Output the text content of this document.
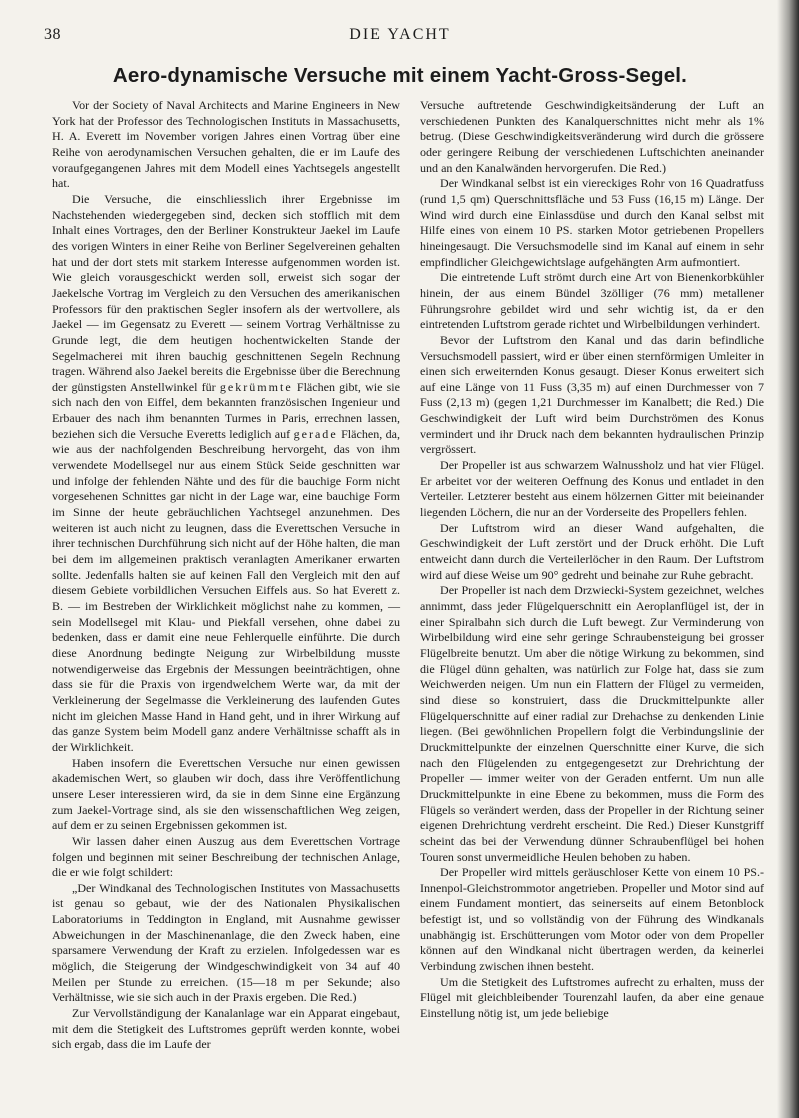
38	DIE YACHT
Aero-dynamische Versuche mit einem Yacht-Gross-Segel.

Vor der Society of Naval Architects and Marine Engineers in New York hat der Professor des Technologischen Instituts in Massachusetts, H. A. Everett im November vorigen Jahres einen Vortrag über eine Reihe von aerodynamischen Versuchen gehalten, die er im Laufe des voraufgegangenen Jahres mit dem Modell eines Yachtsegels angestellt hat.

Die Versuche, die einschliesslich ihrer Ergebnisse im Nachstehenden wiedergegeben sind, decken sich stofflich mit dem Inhalt eines Vortrages, den der Berliner Konstrukteur Jaekel im Laufe des vorigen Winters in einer Reihe von Berliner Segelvereinen gehalten hat und der dort stets mit starkem Interesse aufgenommen worden ist. Wie gleich vorausgeschickt werden soll, erweist sich sogar der Jaekelsche Vortrag im Vergleich zu den Versuchen des amerikanischen Professors für den praktischen Segler insofern als der wertvollere, als Jaekel — im Gegensatz zu Everett — seinem Vortrag Verhältnisse zu Grunde legt, die dem heutigen hochentwickelten Stande der Segelmacherei mit ihren bauchig geschnittenen Segeln Rechnung tragen. Während also Jaekel bereits die Ergebnisse über die Berechnung der günstigsten Anstellwinkel für gekrümmte Flächen gibt, wie sie sich nach den von Eiffel, dem bekannten französischen Ingenieur und Erbauer des nach ihm benannten Turmes in Paris, errechnen lassen, beziehen sich die Versuche Everetts lediglich auf gerade Flächen, da, wie aus der nachfolgenden Beschreibung hervorgeht, das von ihm verwendete Modellsegel nur aus einem Stück Seide geschnitten war und infolge der fehlenden Nähte und des für die bauchige Form nicht vorgesehenen Schnittes gar nicht in der Lage war, eine bauchige Form im Sinne der heute gebräuchlichen Yachtsegel anzunehmen. Des weiteren ist auch nicht zu leugnen, dass die Everettschen Versuche in ihrer technischen Durchführung sich nicht auf der Höhe halten, die man bei dem im allgemeinen praktisch veranlagten Amerikaner erwarten sollte. Jedenfalls halten sie auf keinen Fall den Vergleich mit den auf diesem Gebiete vorbildlichen Versuchen Eiffels aus. So hat Everett z. B. — im Bestreben der Wirklichkeit möglichst nahe zu kommen, — sein Modellsegel mit Klau- und Piekfall versehen, ohne dabei zu bedenken, dass er damit eine neue Fehlerquelle einführte. Die durch diese Anordnung bedingte Neigung zur Wirbelbildung musste notwendigerweise das Ergebnis der Messungen beeinträchtigen, ohne dass sie für die Praxis von irgendwelchem Werte war, da mit der Verkleinerung der Segelmasse die Verkleinerung des laufenden Gutes nicht im gleichen Masse Hand in Hand geht, und in ihrer Wirkung auf das ganze System beim Modell ganz andere Verhältnisse schafft als in der Wirklichkeit.

Haben insofern die Everettschen Versuche nur einen gewissen akademischen Wert, so glauben wir doch, dass ihre Veröffentlichung unsere Leser interessieren wird, da sie in dem Sinne eine Ergänzung zum Jaekel-Vortrage sind, als sie den wissenschaftlichen Weg zeigen, auf dem er zu seinen Ergebnissen gekommen ist.

Wir lassen daher einen Auszug aus dem Everettschen Vortrage folgen und beginnen mit seiner Beschreibung der technischen Anlage, die er wie folgt schildert:

„Der Windkanal des Technologischen Institutes von Massachusetts ist genau so gebaut, wie der des Nationalen Physikalischen Laboratoriums in Teddington in England, mit Ausnahme gewisser Abweichungen in der Maschinenanlage, die den Zweck haben, eine sparsamere Verwendung der Kraft zu erzielen. Infolgedessen war es möglich, die Steigerung der Windgeschwindigkeit von 34 auf 40 Meilen per Stunde zu erreichen. (15—18 m per Sekunde; also Verhältnisse, wie sie sich auch in der Praxis ergeben. Die Red.)

Zur Vervollständigung der Kanalanlage war ein Apparat eingebaut, mit dem die Stetigkeit des Luftstromes geprüft werden konnte, wobei sich ergab, dass die im Laufe der

Versuche auftretende Geschwindigkeitsänderung der Luft an verschiedenen Punkten des Kanalquerschnittes nicht mehr als 1% betrug. (Diese Geschwindigkeitsveränderung wird durch die grössere oder geringere Reibung der verschiedenen Luftschichten aneinander und an den Kanalwänden hervorgerufen. Die Red.)

Der Windkanal selbst ist ein viereckiges Rohr von 16 Quadratfuss (rund 1,5 qm) Querschnittsfläche und 53 Fuss (16,15 m) Länge. Der Wind wird durch eine Einlassdüse und durch den Kanal selbst mit Hilfe eines von einem 10 PS. starken Motor getriebenen Propellers hineingesaugt. Die Versuchsmodelle sind im Kanal auf einem in sehr empfindlicher Gleichgewichtslage aufgehängten Arm aufmontiert.

Die eintretende Luft strömt durch eine Art von Bienenkorbkühler hinein, der aus einem Bündel 3zölliger (76 mm) metallener Führungsrohre gebildet wird und sehr wichtig ist, da er den eintretenden Luftstrom gerade richtet und Wirbelbildungen verhindert.

Bevor der Luftstrom den Kanal und das darin befindliche Versuchsmodell passiert, wird er über einen sternförmigen Umleiter in einen sich erweiternden Konus gesaugt. Dieser Konus erweitert sich auf eine Länge von 11 Fuss (3,35 m) auf einen Durchmesser von 7 Fuss (2,13 m) (gegen 1,21 Durchmesser im Kanalbett; die Red.) Die Geschwindigkeit der Luft wird beim Durchströmen des Konus vermindert und ihr Druck nach dem bekannten hydraulischen Prinzip vergrössert.

Der Propeller ist aus schwarzem Walnussholz und hat vier Flügel. Er arbeitet vor der weiteren Oeffnung des Konus und entladet in den Verteiler. Letzterer besteht aus einem hölzernen Gitter mit beieinander liegenden Löchern, die nur an der Vorderseite des Propellers fehlen.

Der Luftstrom wird an dieser Wand aufgehalten, die Geschwindigkeit der Luft zerstört und der Druck erhöht. Die Luft entweicht dann durch die Verteilerlöcher in den Raum. Der Luftstrom wird auf diese Weise um 90° gedreht und beinahe zur Ruhe gebracht.

Der Propeller ist nach dem Drzwiecki-System gezeichnet, welches annimmt, dass jeder Flügelquerschnitt ein Aeroplanflügel ist, der in einer Spiralbahn sich durch die Luft bewegt. Zur Verminderung von Wirbelbildung wird eine sehr geringe Schraubensteigung bei grosser Flügelbreite benutzt. Um aber die nötige Wirkung zu bekommen, sind die Flügel dünn gehalten, was natürlich zur Folge hat, dass sie zum Weichwerden neigen. Um nun ein Flattern der Flügel zu vermeiden, sind diese so konstruiert, dass die Druckmittelpunkte aller Flügelquerschnitte auf einer radial zur Drehachse zu denkenden Linie liegen. (Bei gewöhnlichen Propellern folgt die Verbindungslinie der Druckmittelpunkte der einzelnen Querschnitte einer Kurve, die sich nach den Flügelenden zu entgegengesetzt zur Drehrichtung der Propeller — immer weiter von der Geraden entfernt. Um nun alle Druckmittelpunkte in eine Ebene zu bekommen, muss die Form des Flügels so verändert werden, dass der Propeller in der Richtung seiner eigenen Drehrichtung verdreht erscheint. Die Red.) Dieser Kunstgriff scheint das bei der Verwendung dünner Schraubenflügel bei hohen Touren sonst unvermeidliche Heulen behoben zu haben.

Der Propeller wird mittels geräuschloser Kette von einem 10 PS.-Innenpol-Gleichstrommotor angetrieben. Propeller und Motor sind auf einem Fundament montiert, das seinerseits auf einem Betonblock befestigt ist, und so vollständig von der Führung des Windkanals unabhängig ist. Erschütterungen vom Motor oder von dem Propeller können auf den Windkanal nicht übertragen werden, da keinerlei Verbindung zwischen ihnen besteht.

Um die Stetigkeit des Luftstromes aufrecht zu erhalten, muss der Flügel mit gleichbleibender Tourenzahl laufen, da aber eine genaue Einstellung nötig ist, um jede beliebige
